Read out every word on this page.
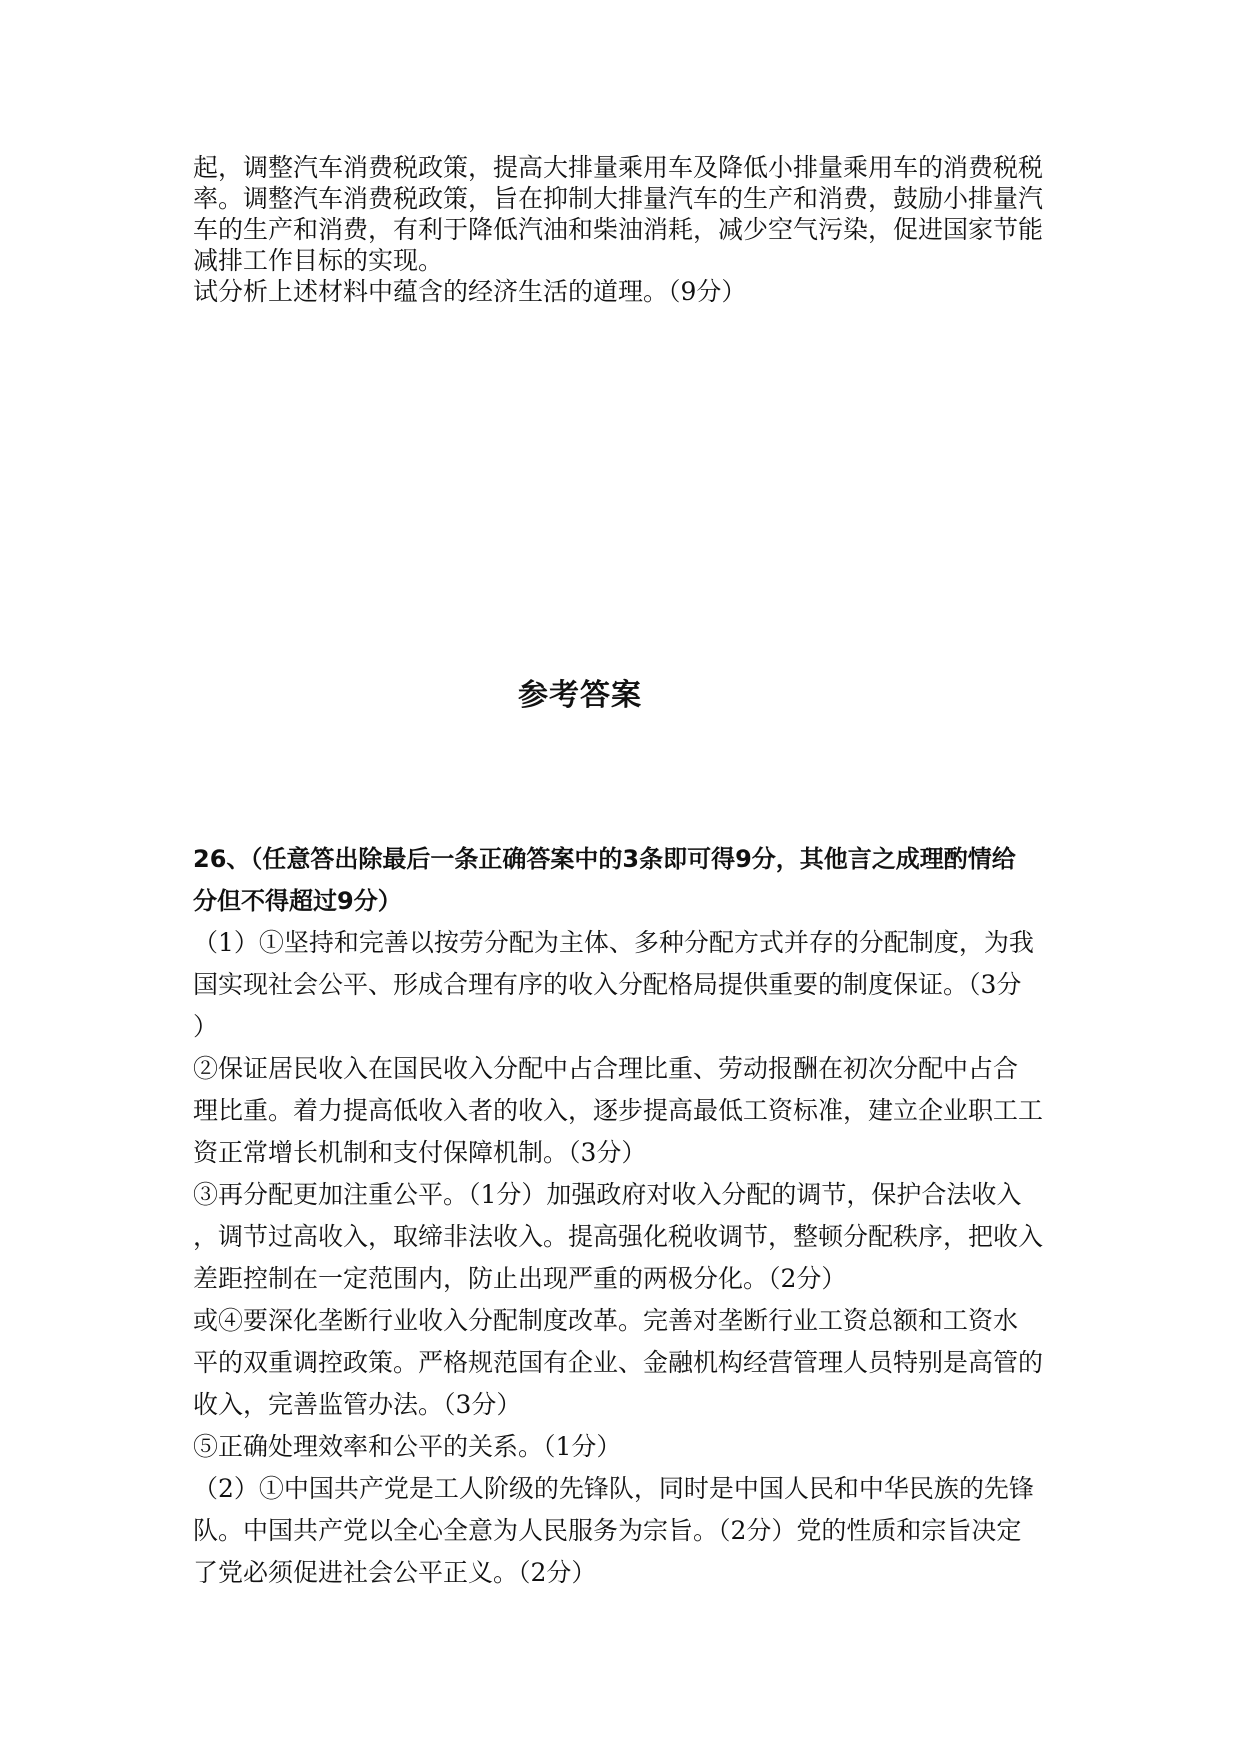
起，调整汽车消费税政策，提高大排量乘用车及降低小排量乘用车的消费税税

率。调整汽车消费税政策，旨在抑制大排量汽车的生产和消费，鼓励小排量汽

车的生产和消费，有利于降低汽油和柴油消耗，减少空气污染，促进国家节能

减排工作目标的实现。

试分析上述材料中蕴含的经济生活的道理。（9分）

参考答案

26、（任意答出除最后一条正确答案中的3条即可得9分，其他言之成理酌情给

分但不得超过9分）

（1）①坚持和完善以按劳分配为主体、多种分配方式并存的分配制度，为我

国实现社会公平、形成合理有序的收入分配格局提供重要的制度保证。（3分

）

②保证居民收入在国民收入分配中占合理比重、劳动报酬在初次分配中占合

理比重。着力提高低收入者的收入，逐步提高最低工资标准，建立企业职工工

资正常增长机制和支付保障机制。（3分）

③再分配更加注重公平。（1分）加强政府对收入分配的调节，保护合法收入

，调节过高收入，取缔非法收入。提高强化税收调节，整顿分配秩序，把收入

差距控制在一定范围内，防止出现严重的两极分化。（2分）

或④要深化垄断行业收入分配制度改革。完善对垄断行业工资总额和工资水

平的双重调控政策。严格规范国有企业、金融机构经营管理人员特别是高管的

收入，完善监管办法。（3分）

⑤正确处理效率和公平的关系。（1分）

（2）①中国共产党是工人阶级的先锋队，同时是中国人民和中华民族的先锋

队。中国共产党以全心全意为人民服务为宗旨。（2分）党的性质和宗旨决定

了党必须促进社会公平正义。（2分）
